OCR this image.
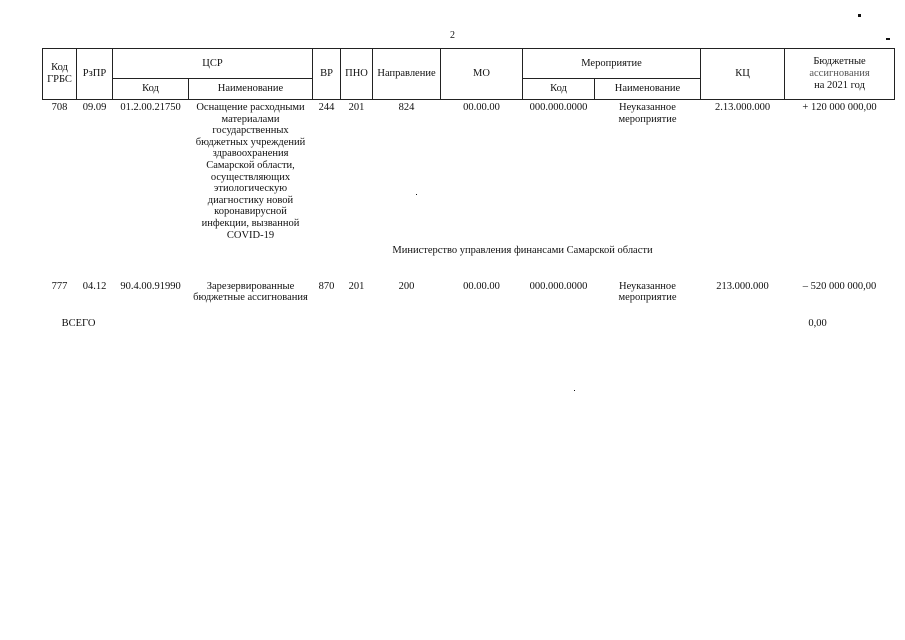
2
Код ГРБС	РзПР	ЦСР		ВР	ПНО	Направление	МО	Мероприятие		КЦ	Бюджетные
ассигнования
на 2021 год

		Код	Наименование					Код	Наименование		
708	09.09	01.2.00.21750	Оснащение расходными материалами государственных бюджетных учреждений здравоохранения Самарской области, осуществляющих этиологическую диагностику новой коронавирусной инфекции, вызванной COVID-19	244	201	824	00.00.00	000.000.0000	Неуказанное мероприятие	2.13.000.000	+ 120 000 000,00
Министерство управления финансами Самарской области											
777	04.12	90.4.00.91990	Зарезервированные бюджетные ассигнования	870	201	200	00.00.00	000.000.0000	Неуказанное мероприятие	213.000.000	– 520 000 000,00
ВСЕГО											0,00
